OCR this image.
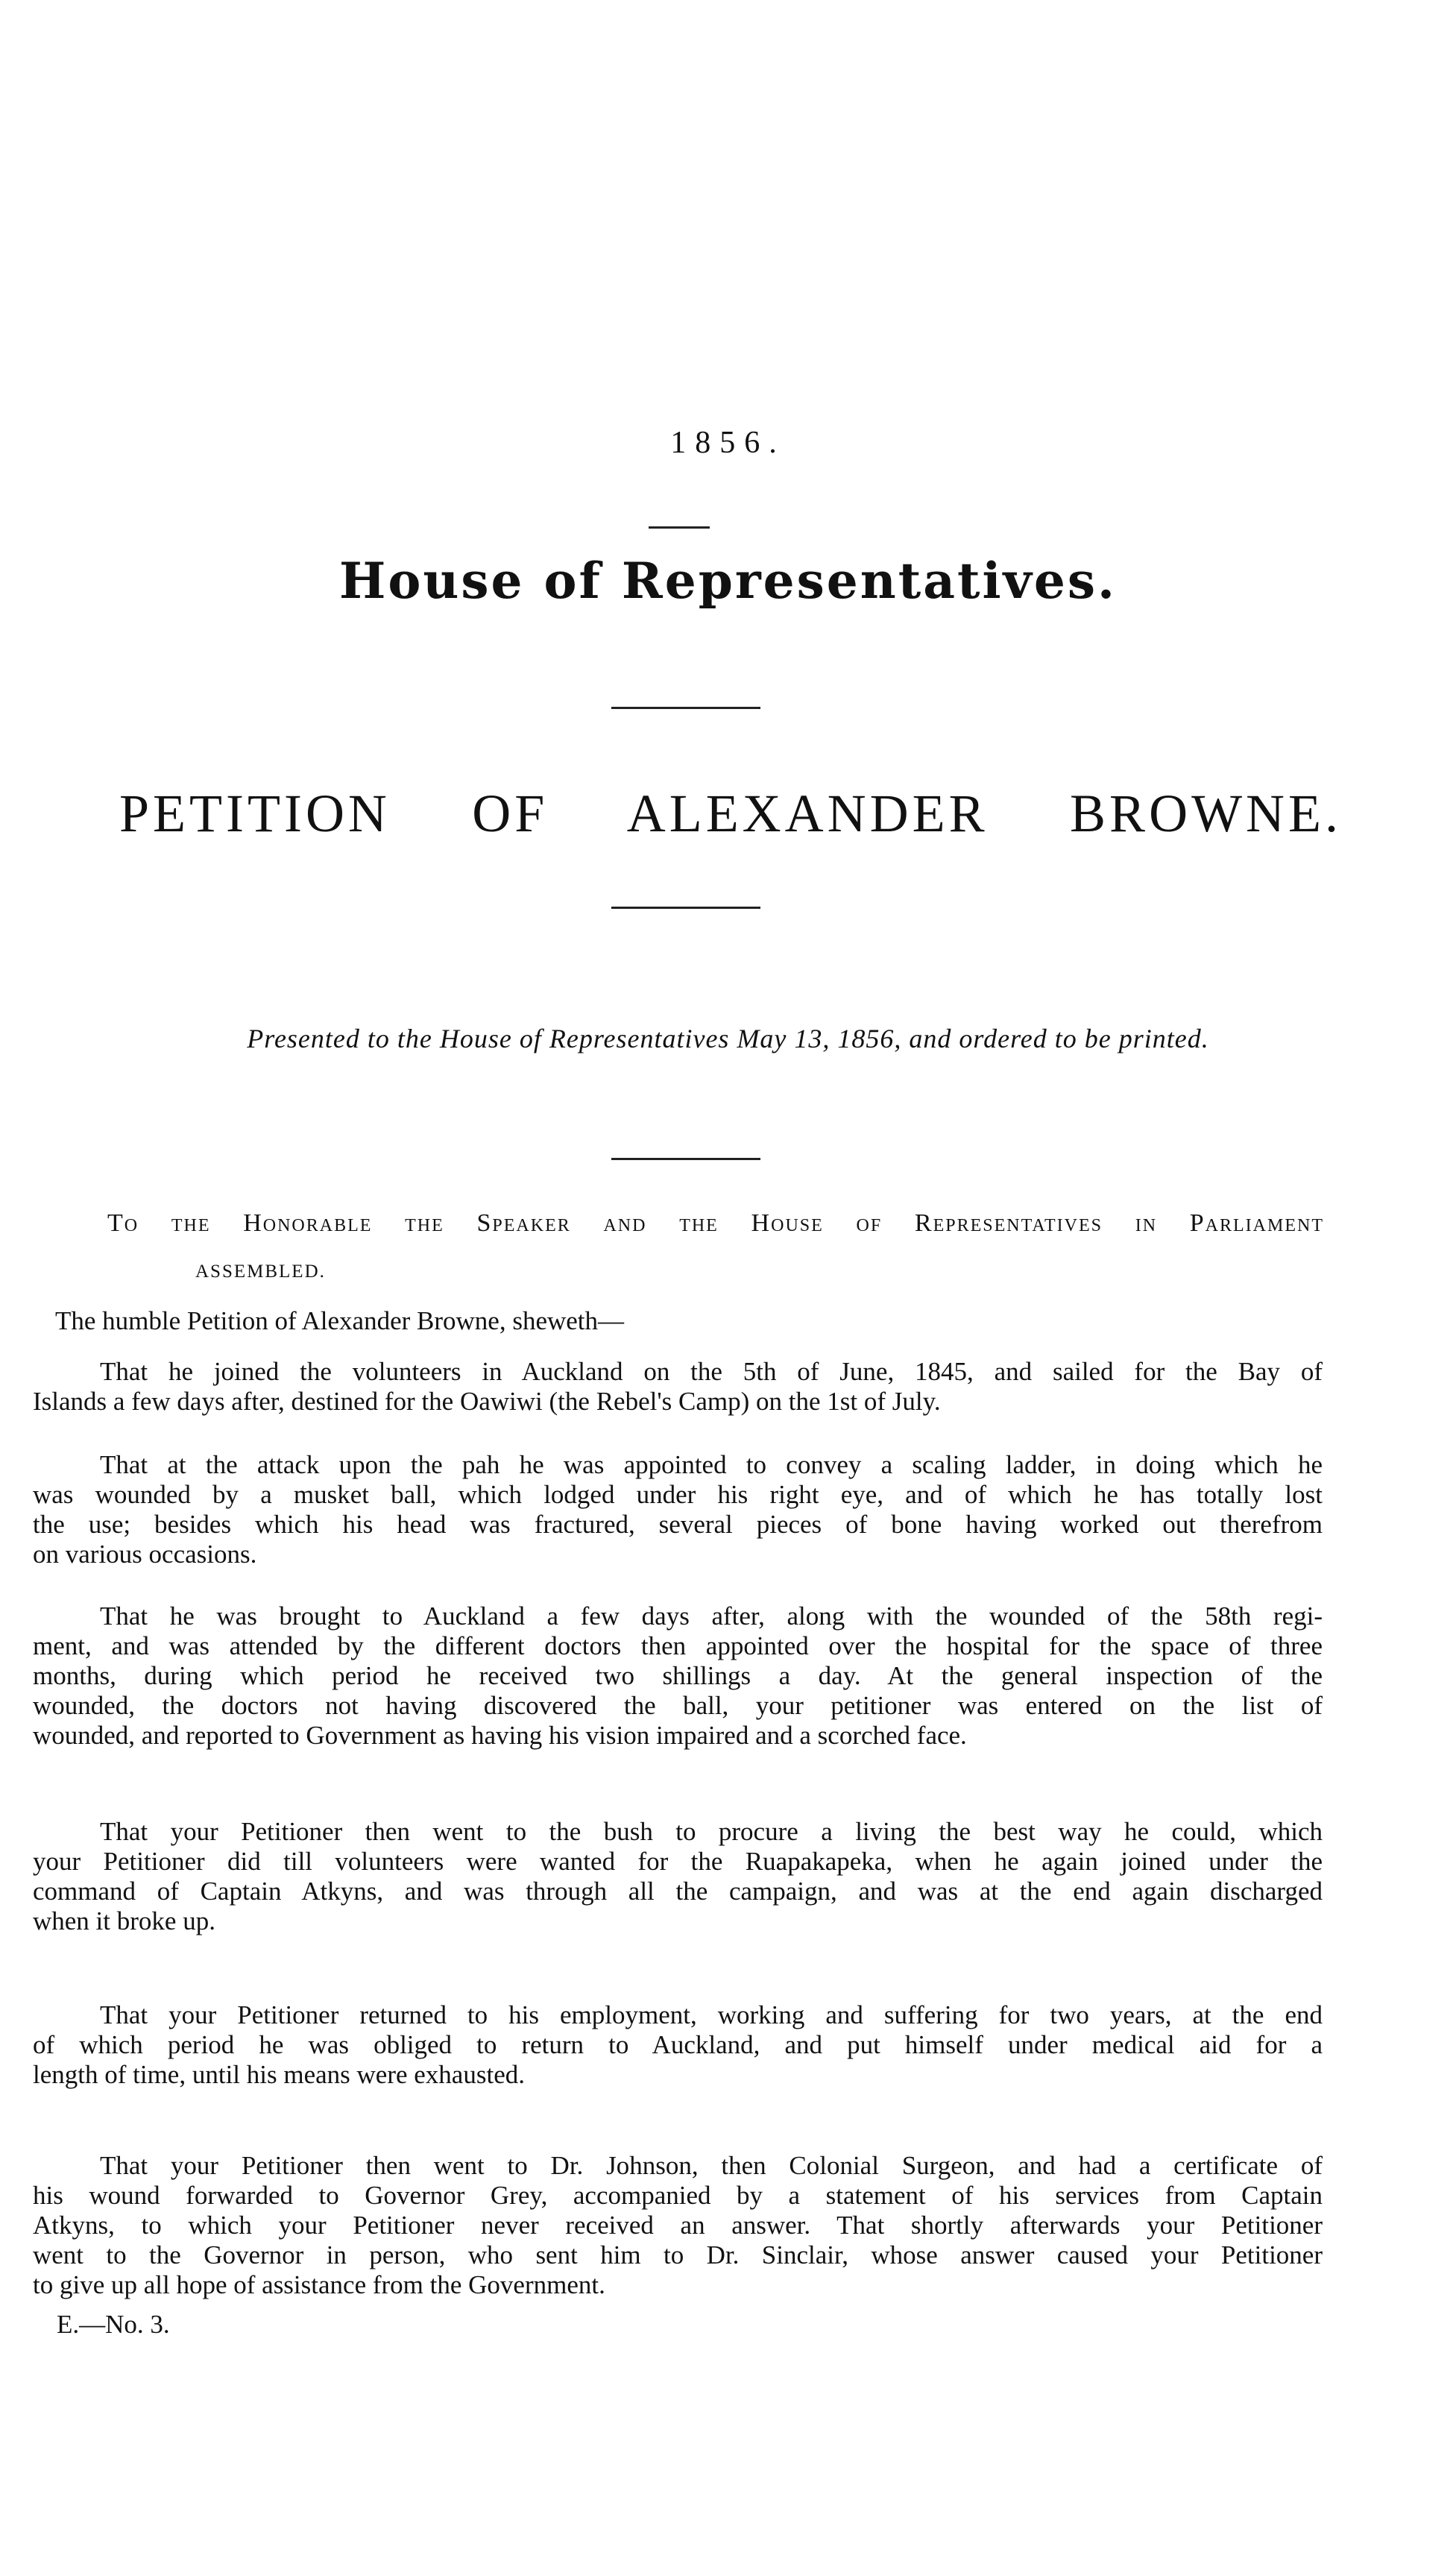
1856.
House of Representatives.
PETITION OF ALEXANDER BROWNE.
Presented to the House of Representatives May 13, 1856, and ordered to be printed.
To the Honorable the Speaker and the House of Representatives in Parliament
ASSEMBLED.
The humble Petition of Alexander Browne, sheweth—
That he joined the volunteers in Auckland on the 5th of June, 1845, and sailed for the Bay of
Islands a few days after, destined for the Oawiwi (the Rebel's Camp) on the 1st of July.
That at the attack upon the pah he was appointed to convey a scaling ladder, in doing which he
was wounded by a musket ball, which lodged under his right eye, and of which he has totally lost
the use; besides which his head was fractured, several pieces of bone having worked out therefrom
on various occasions.
That he was brought to Auckland a few days after, along with the wounded of the 58th regi-
ment, and was attended by the different doctors then appointed over the hospital for the space of three
months, during which period he received two shillings a day. At the general inspection of the
wounded, the doctors not having discovered the ball, your petitioner was entered on the list of
wounded, and reported to Government as having his vision impaired and a scorched face.
That your Petitioner then went to the bush to procure a living the best way he could, which
your Petitioner did till volunteers were wanted for the Ruapakapeka, when he again joined under the
command of Captain Atkyns, and was through all the campaign, and was at the end again discharged
when it broke up.
That your Petitioner returned to his employment, working and suffering for two years, at the end
of which period he was obliged to return to Auckland, and put himself under medical aid for a
length of time, until his means were exhausted.
That your Petitioner then went to Dr. Johnson, then Colonial Surgeon, and had a certificate of
his wound forwarded to Governor Grey, accompanied by a statement of his services from Captain
Atkyns, to which your Petitioner never received an answer. That shortly afterwards your Petitioner
went to the Governor in person, who sent him to Dr. Sinclair, whose answer caused your Petitioner
to give up all hope of assistance from the Government.
E.—No. 3.
